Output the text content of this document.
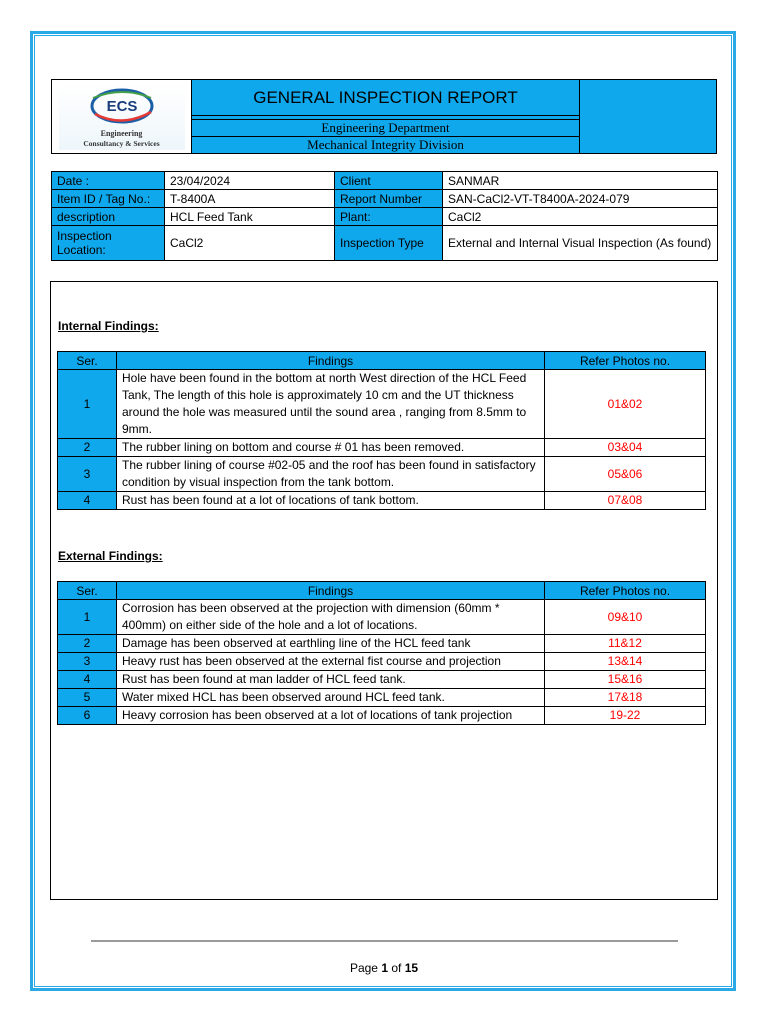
ECS
Engineering
Consultancy & Services
GENERAL INSPECTION REPORT
Engineering Department
Mechanical Integrity Division
Date :	23/04/2024	Client	SANMAR
Item ID / Tag No.:	T-8400A	Report Number	SAN-CaCl2-VT-T8400A-2024-079
description	HCL Feed Tank	Plant:	CaCl2
Inspection Location:	CaCl2	Inspection Type	External and Internal Visual Inspection (As found)
Internal Findings:
Ser.	Findings	Refer Photos no.
1	Hole have been found in the bottom at north West direction of the HCL Feed Tank, The length of this hole is approximately 10 cm and the UT thickness around the hole was measured until the sound area , ranging from 8.5mm to 9mm.	01&02
2	The rubber lining on bottom and course # 01 has been removed.	03&04
3	The rubber lining of course #02-05 and the roof has been found in satisfactory condition by visual inspection from the tank bottom.	05&06
4	Rust has been found at a lot of locations of tank bottom.	07&08
External Findings:
Ser.	Findings	Refer Photos no.
1	Corrosion has been observed at the projection with dimension (60mm * 400mm) on either side of the hole and a lot of locations.	09&10
2	Damage has been observed at earthling line of the HCL feed tank	11&12
3	Heavy rust has been observed at the external fist course and projection	13&14
4	Rust has been found at man ladder of HCL feed tank.	15&16
5	Water mixed HCL has been observed around HCL feed tank.	17&18
6	Heavy corrosion has been observed at a lot of locations of tank projection	19-22
Page 1 of 15
